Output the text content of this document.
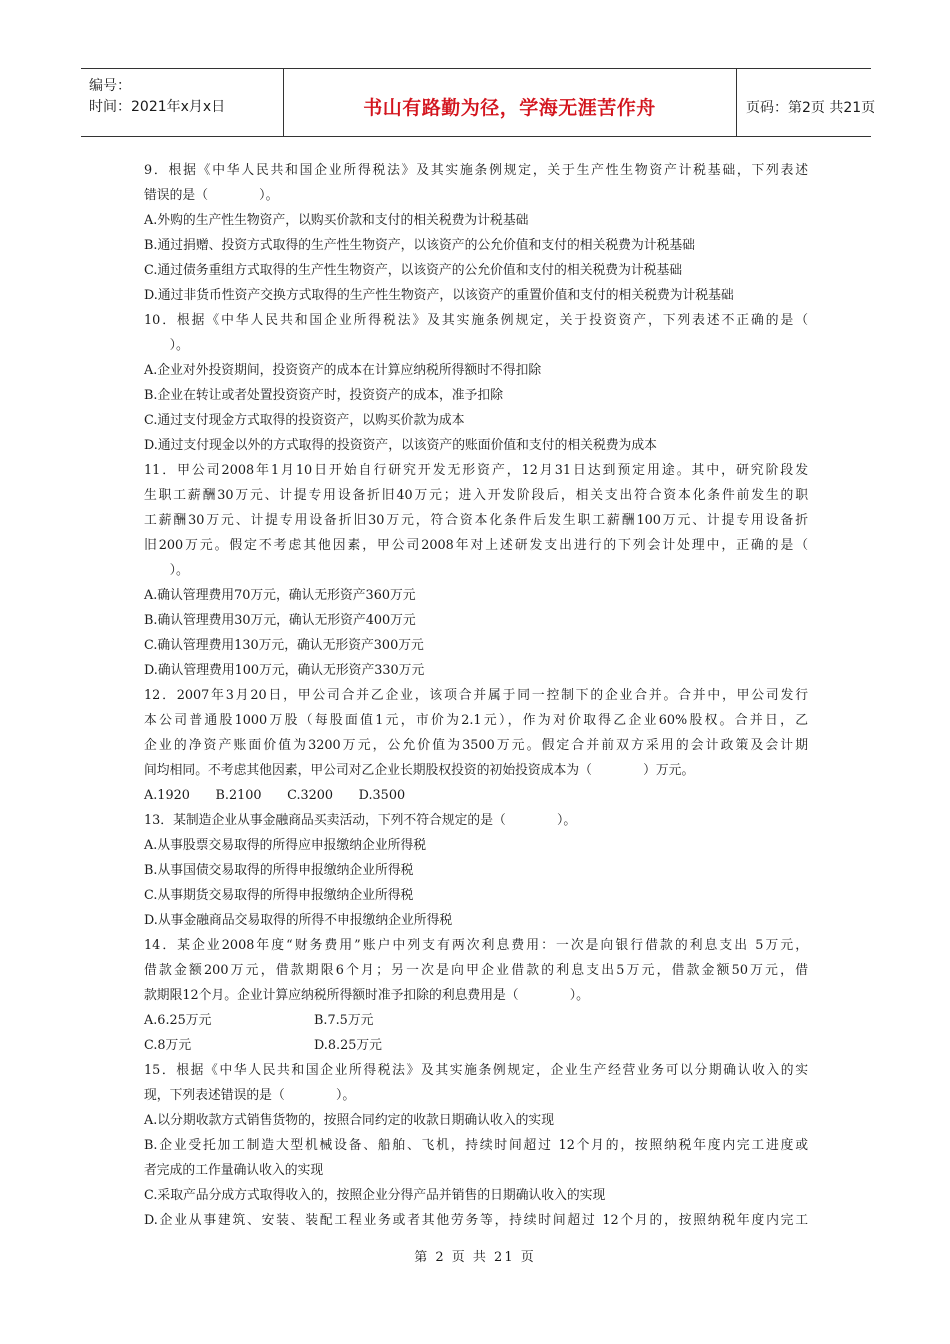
编号：
时间：2021年x月x日	书山有路勤为径，学海无涯苦作舟	页码：第2页 共21页
9．根据《中华人民共和国企业所得税法》及其实施条例规定，关于生产性生物资产计税基础，下列表述
错误的是（　　　　）。
A.外购的生产性生物资产，以购买价款和支付的相关税费为计税基础
B.通过捐赠、投资方式取得的生产性生物资产，以该资产的公允价值和支付的相关税费为计税基础
C.通过债务重组方式取得的生产性生物资产，以该资产的公允价值和支付的相关税费为计税基础
D.通过非货币性资产交换方式取得的生产性生物资产，以该资产的重置价值和支付的相关税费为计税基础
10．根据《中华人民共和国企业所得税法》及其实施条例规定，关于投资资产，下列表述不正确的是（
　　）。
A.企业对外投资期间，投资资产的成本在计算应纳税所得额时不得扣除
B.企业在转让或者处置投资资产时，投资资产的成本，准予扣除
C.通过支付现金方式取得的投资资产，以购买价款为成本
D.通过支付现金以外的方式取得的投资资产，以该资产的账面价值和支付的相关税费为成本
11．甲公司2008年1月10日开始自行研究开发无形资产，12月31日达到预定用途。其中，研究阶段发
生职工薪酬30万元、计提专用设备折旧40万元；进入开发阶段后，相关支出符合资本化条件前发生的职
工薪酬30万元、计提专用设备折旧30万元，符合资本化条件后发生职工薪酬100万元、计提专用设备折
旧200万元。假定不考虑其他因素，甲公司2008年对上述研发支出进行的下列会计处理中，正确的是（
　　）。
A.确认管理费用70万元，确认无形资产360万元
B.确认管理费用30万元，确认无形资产400万元
C.确认管理费用130万元，确认无形资产300万元
D.确认管理费用100万元，确认无形资产330万元
12．2007年3月20日，甲公司合并乙企业，该项合并属于同一控制下的企业合并。合并中，甲公司发行
本公司普通股1000万股（每股面值1元，市价为2.1元），作为对价取得乙企业60%股权。合并日，乙
企业的净资产账面价值为3200万元，公允价值为3500万元。假定合并前双方采用的会计政策及会计期
间均相同。不考虑其他因素，甲公司对乙企业长期股权投资的初始投资成本为（　　　　）万元。
A.1920　　B.2100　　C.3200　　D.3500
13．某制造企业从事金融商品买卖活动，下列不符合规定的是（　　　　）。
A.从事股票交易取得的所得应申报缴纳企业所得税
B.从事国债交易取得的所得申报缴纳企业所得税
C.从事期货交易取得的所得申报缴纳企业所得税
D.从事金融商品交易取得的所得不申报缴纳企业所得税
14．某企业2008年度“财务费用”账户中列支有两次利息费用：一次是向银行借款的利息支出 5万元，
借款金额200万元，借款期限6个月；另一次是向甲企业借款的利息支出5万元，借款金额50万元，借
款期限12个月。企业计算应纳税所得额时准予扣除的利息费用是（　　　　）。
A.6.25万元	B.7.5万元
C.8万元	D.8.25万元
15．根据《中华人民共和国企业所得税法》及其实施条例规定，企业生产经营业务可以分期确认收入的实
现，下列表述错误的是（　　　　）。
A.以分期收款方式销售货物的，按照合同约定的收款日期确认收入的实现
B.企业受托加工制造大型机械设备、船舶、飞机，持续时间超过 12个月的，按照纳税年度内完工进度或
者完成的工作量确认收入的实现
C.采取产品分成方式取得收入的，按照企业分得产品并销售的日期确认收入的实现
D.企业从事建筑、安装、装配工程业务或者其他劳务等，持续时间超过 12个月的，按照纳税年度内完工
第 2 页 共 21 页
